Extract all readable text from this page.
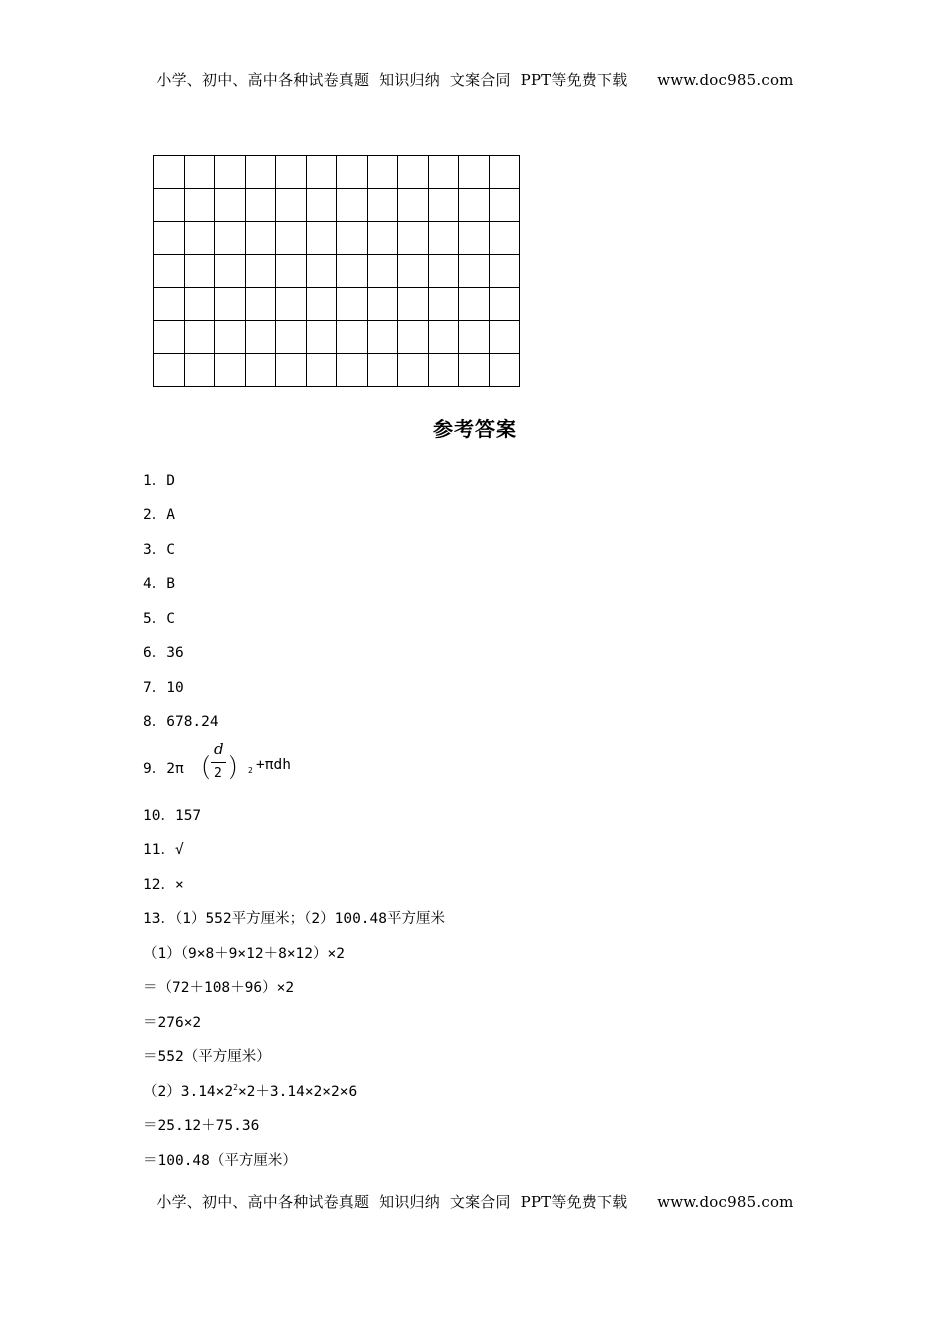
小学、初中、高中各种试卷真题  知识归纳  文案合同  PPT等免费下载      www.doc985.com

参考答案
1．D
2．A
3．C
4．B
5．C
6．36
7．10
8．678.24
9．2π （
d
2 ） 2 +πdh
10．157
11．√
12．×
13．（1）552平方厘米；（2）100.48平方厘米
（1）（9×8＋9×12＋8×12）×2
＝（72＋108＋96）×2
＝276×2
＝552（平方厘米）
$(2)3.14\times 2^2\times 2+3.14\times 2\times 2\times 6$
＝25.12＋75.36
＝100.48（平方厘米）
小学、初中、高中各种试卷真题  知识归纳  文案合同  PPT等免费下载      www.doc985.com
